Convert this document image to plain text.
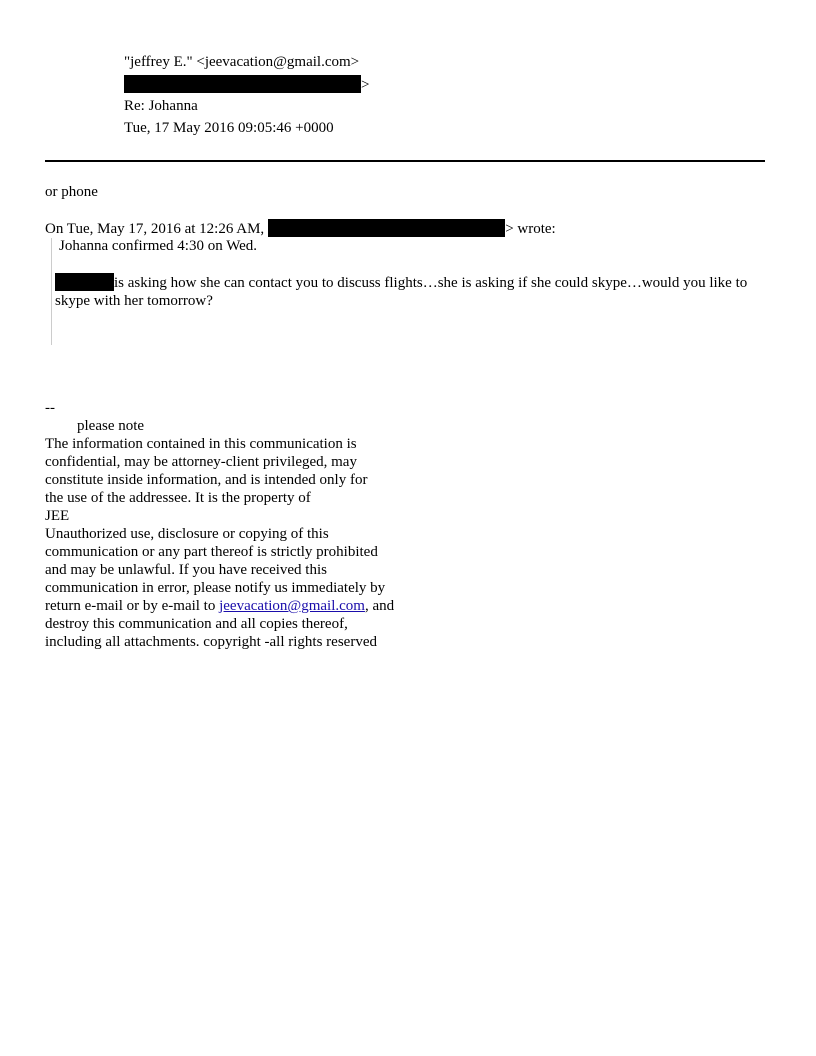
"jeffrey E." <jeevacation@gmail.com>
>
Re: Johanna
Tue, 17 May 2016 09:05:46 +0000
or phone
On Tue, May 17, 2016 at 12:26 AM,	> wrote:
Johanna confirmed 4:30 on Wed.
is asking how she can contact you to discuss flights…she is asking if she could skype…would you like to skype with her tomorrow?
--
please note
The information contained in this communication is
confidential, may be attorney-client privileged, may
constitute inside information, and is intended only for
the use of the addressee. It is the property of
JEE
Unauthorized use, disclosure or copying of this
communication or any part thereof is strictly prohibited
and may be unlawful. If you have received this
communication in error, please notify us immediately by
return e-mail or by e-mail to jeevacation@gmail.com, and
destroy this communication and all copies thereof,
including all attachments. copyright -all rights reserved
